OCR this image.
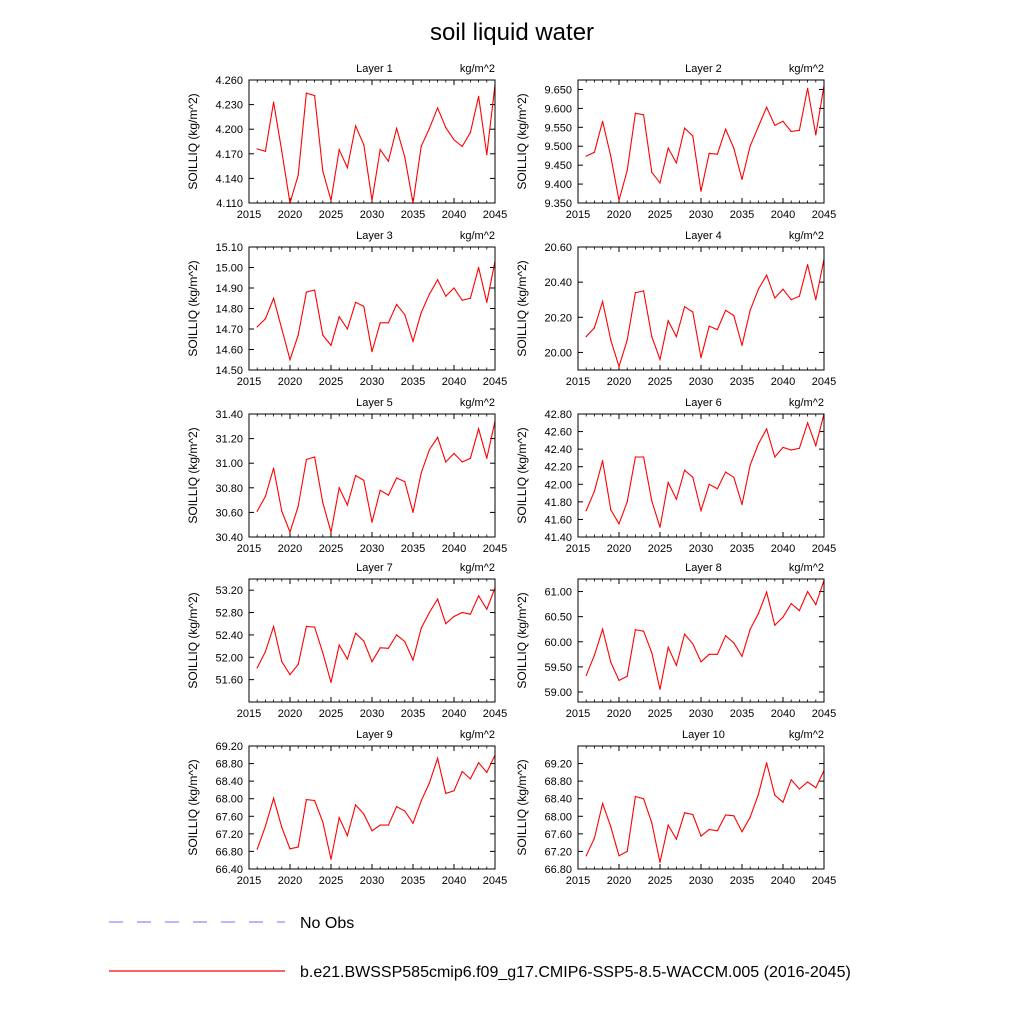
soil liquid water
Layer 1	kg/m^2
SOILLIQ (kg/m^2)
2015 2020 2025 2030 2035 2040 2045
4.110
4.140
4.170
4.200
4.230
4.260
Layer 2	kg/m^2
SOILLIQ (kg/m^2)
2015 2020 2025 2030 2035 2040 2045
9.350
9.400
9.450
9.500
9.550
9.600
9.650
Layer 3	kg/m^2
SOILLIQ (kg/m^2)
2015 2020 2025 2030 2035 2040 2045
14.50
14.60
14.70
14.80
14.90
15.00
15.10
Layer 4	kg/m^2
SOILLIQ (kg/m^2)
2015 2020 2025 2030 2035 2040 2045
20.00
20.20
20.40
20.60
Layer 5	kg/m^2
SOILLIQ (kg/m^2)
2015 2020 2025 2030 2035 2040 2045
30.40
30.60
30.80
31.00
31.20
31.40
Layer 6	kg/m^2
SOILLIQ (kg/m^2)
2015 2020 2025 2030 2035 2040 2045
41.40
41.60
41.80
42.00
42.20
42.40
42.60
42.80
Layer 7	kg/m^2
SOILLIQ (kg/m^2)
2015 2020 2025 2030 2035 2040 2045
51.60
52.00
52.40
52.80
53.20
Layer 8	kg/m^2
SOILLIQ (kg/m^2)
2015 2020 2025 2030 2035 2040 2045
59.00
59.50
60.00
60.50
61.00
Layer 9	kg/m^2
SOILLIQ (kg/m^2)
2015 2020 2025 2030 2035 2040 2045
66.40
66.80
67.20
67.60
68.00
68.40
68.80
69.20
Layer 10	kg/m^2
SOILLIQ (kg/m^2)
2015 2020 2025 2030 2035 2040 2045
66.80
67.20
67.60
68.00
68.40
68.80
69.20
No Obs
b.e21.BWSSP585cmip6.f09_g17.CMIP6-SSP5-8.5-WACCM.005 (2016-2045)
